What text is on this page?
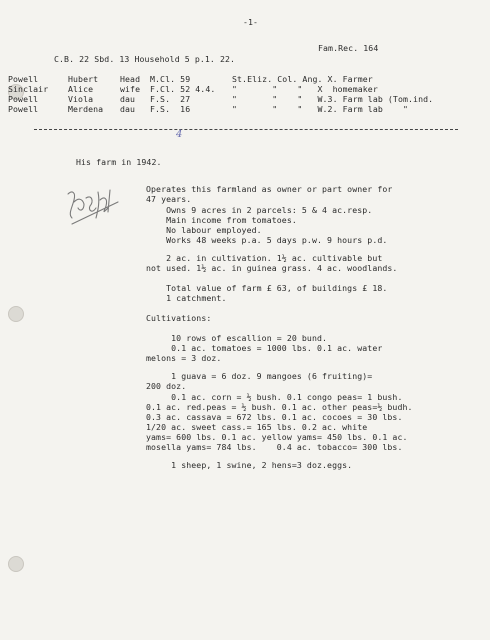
-1-
Fam.Rec. 164
C.B. 22 Sbd. 13 Household 5 p.1. 22.
Powell	Hubert	Head M.Cl. 59	St.Eliz. Col. Ang. X. Farmer
Sinclair Alice	wife F.Cl. 52 4.4. "       "    "   X  homemaker
Powell	Viola	dau F.S.  27	"       "    "   W.3. Farm lab (Tom.ind.
Powell	Merdena dau F.S.  16	"       "    "   W.2. Farm lab    "
4
His farm in 1942.
Operates this farmland as owner or part owner for
47 years.
Owns 9 acres in 2 parcels: 5 & 4 ac.resp.
Main income from tomatoes.
No labour employed.
Works 48 weeks p.a. 5 days p.w. 9 hours p.d.
2 ac. in cultivation. 1½ ac. cultivable but
not used. 1½ ac. in guinea grass. 4 ac. woodlands.
Total value of farm £ 63, of buildings £ 18.
1 catchment.
Cultivations:
10 rows of escallion = 20 bund.
0.1 ac. tomatoes = 1000 lbs. 0.1 ac. water
melons = 3 doz.
1 guava = 6 doz. 9 mangoes (6 fruiting)=
200 doz.
0.1 ac. corn = ½ bush. 0.1 congo peas= 1 bush.
0.1 ac. red.peas = ½ bush. 0.1 ac. other peas=½ budh.
0.3 ac. cassava = 672 lbs. 0.1 ac. cocoes = 30 lbs.
1/20 ac. sweet cass.= 165 lbs. 0.2 ac. white
yams= 600 lbs. 0.1 ac. yellow yams= 450 lbs. 0.1 ac.
mosella yams= 784 lbs.    0.4 ac. tobacco= 300 lbs.
1 sheep, 1 swine, 2 hens=3 doz.eggs.
